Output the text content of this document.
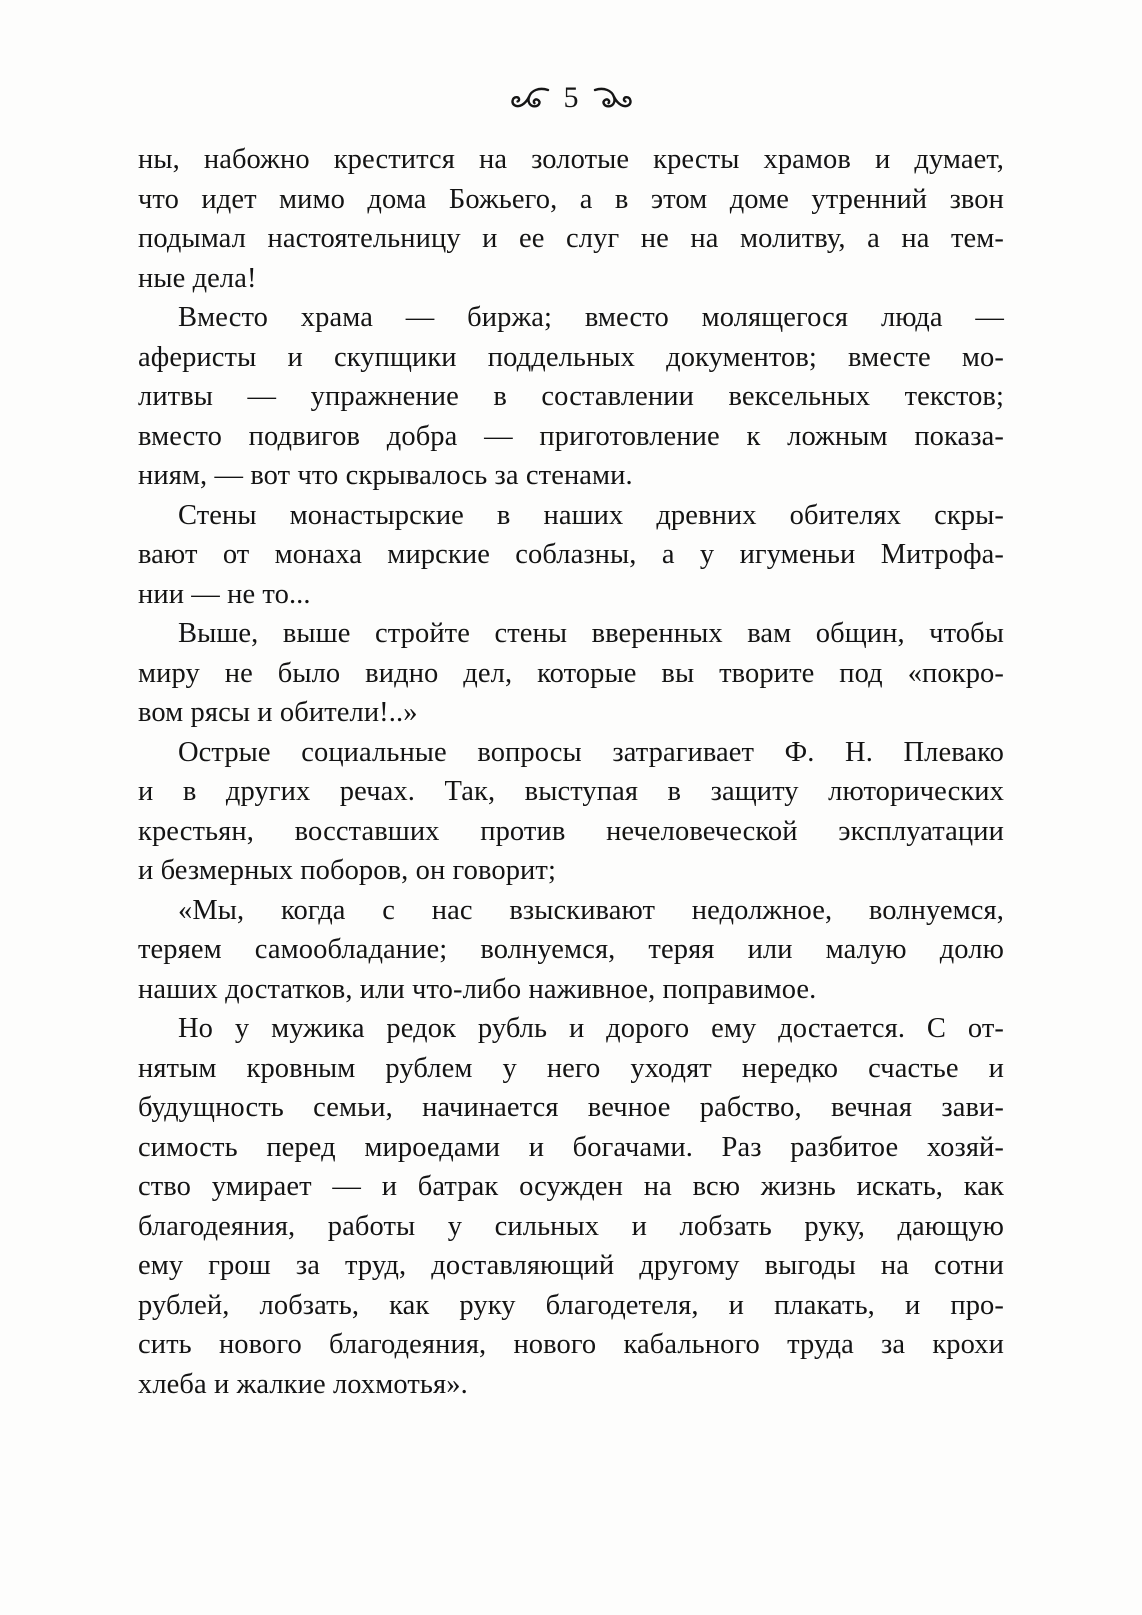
5
ны, набожно крестится на золотые кресты храмов и думает,
что идет мимо дома Божьего, а в этом доме утренний звон
подымал настоятельницу и ее слуг не на молитву, а на тем-
ные дела!
Вместо храма — биржа; вместо молящегося люда —
аферисты и скупщики поддельных документов; вместе мо-
литвы — упражнение в составлении вексельных текстов;
вместо подвигов добра — приготовление к ложным показа-
ниям, — вот что скрывалось за стенами.
Стены монастырские в наших древних обителях скры-
вают от монаха мирские соблазны, а у игуменьи Митрофа-
нии — не то...
Выше, выше стройте стены вверенных вам общин, чтобы
миру не было видно дел, которые вы творите под «покро-
вом рясы и обители!..»
Острые социальные вопросы затрагивает Ф. Н. Плевако
и в других речах. Так, выступая в защиту люторических
крестьян, восставших против нечеловеческой эксплуатации
и безмерных поборов, он говорит;
«Мы, когда с нас взыскивают недолжное, волнуемся,
теряем самообладание; волнуемся, теряя или малую долю
наших достатков, или что-либо наживное, поправимое.
Но у мужика редок рубль и дорого ему достается. С от-
нятым кровным рублем у него уходят нередко счастье и
будущность семьи, начинается вечное рабство, вечная зави-
симость перед мироедами и богачами. Раз разбитое хозяй-
ство умирает — и батрак осужден на всю жизнь искать, как
благодеяния, работы у сильных и лобзать руку, дающую
ему грош за труд, доставляющий другому выгоды на сотни
рублей, лобзать, как руку благодетеля, и плакать, и про-
сить нового благодеяния, нового кабального труда за крохи
хлеба и жалкие лохмотья».
